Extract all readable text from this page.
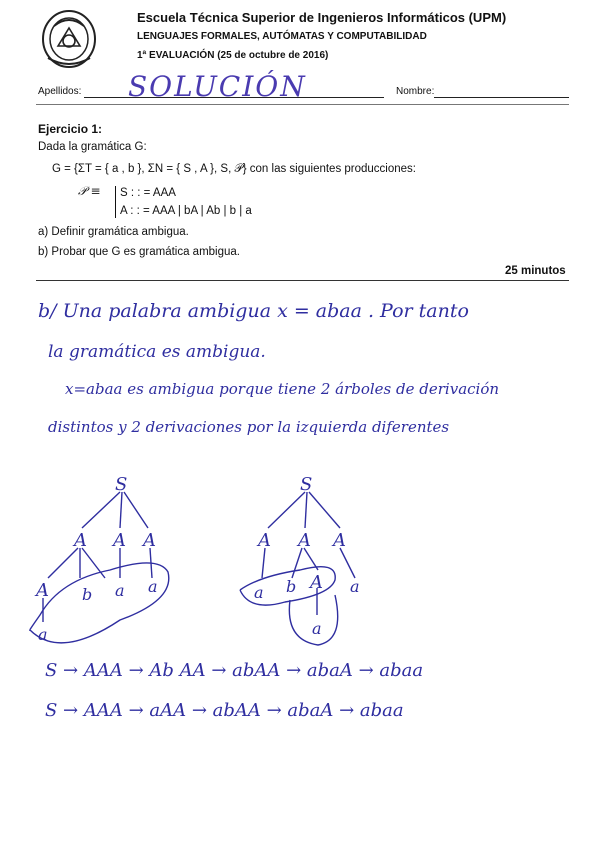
Escuela Técnica Superior de Ingenieros Informáticos (UPM)
LENGUAJES FORMALES, AUTÓMATAS Y COMPUTABILIDAD
1ª EVALUACIÓN (25 de octubre de 2016)
Apellidos: SOLUCIÓN	Nombre:
Ejercicio 1:
Dada la gramática G:
G = {ΣT = { a , b }, ΣN = { S , A }, S, 𝒫} con las siguientes producciones:
𝒫 ≡ S : : = AAA
A : : = AAA | bA | Ab | b | a
a) Definir gramática ambigua.
b) Probar que G es gramática ambigua.
25 minutos
b/ Una palabra ambigua x = abaa . Por tanto
la gramática es ambigua.
x=abaa es ambigua porque tiene 2 árboles de derivación
distintos y 2 derivaciones por la izquierda diferentes
S
A A A
A b a a
a
S
A A A
a b A a
a
S → AAA → Ab AA → abAA → abaA → abaa
S → AAA → aAA → abAA → abaA → abaa
